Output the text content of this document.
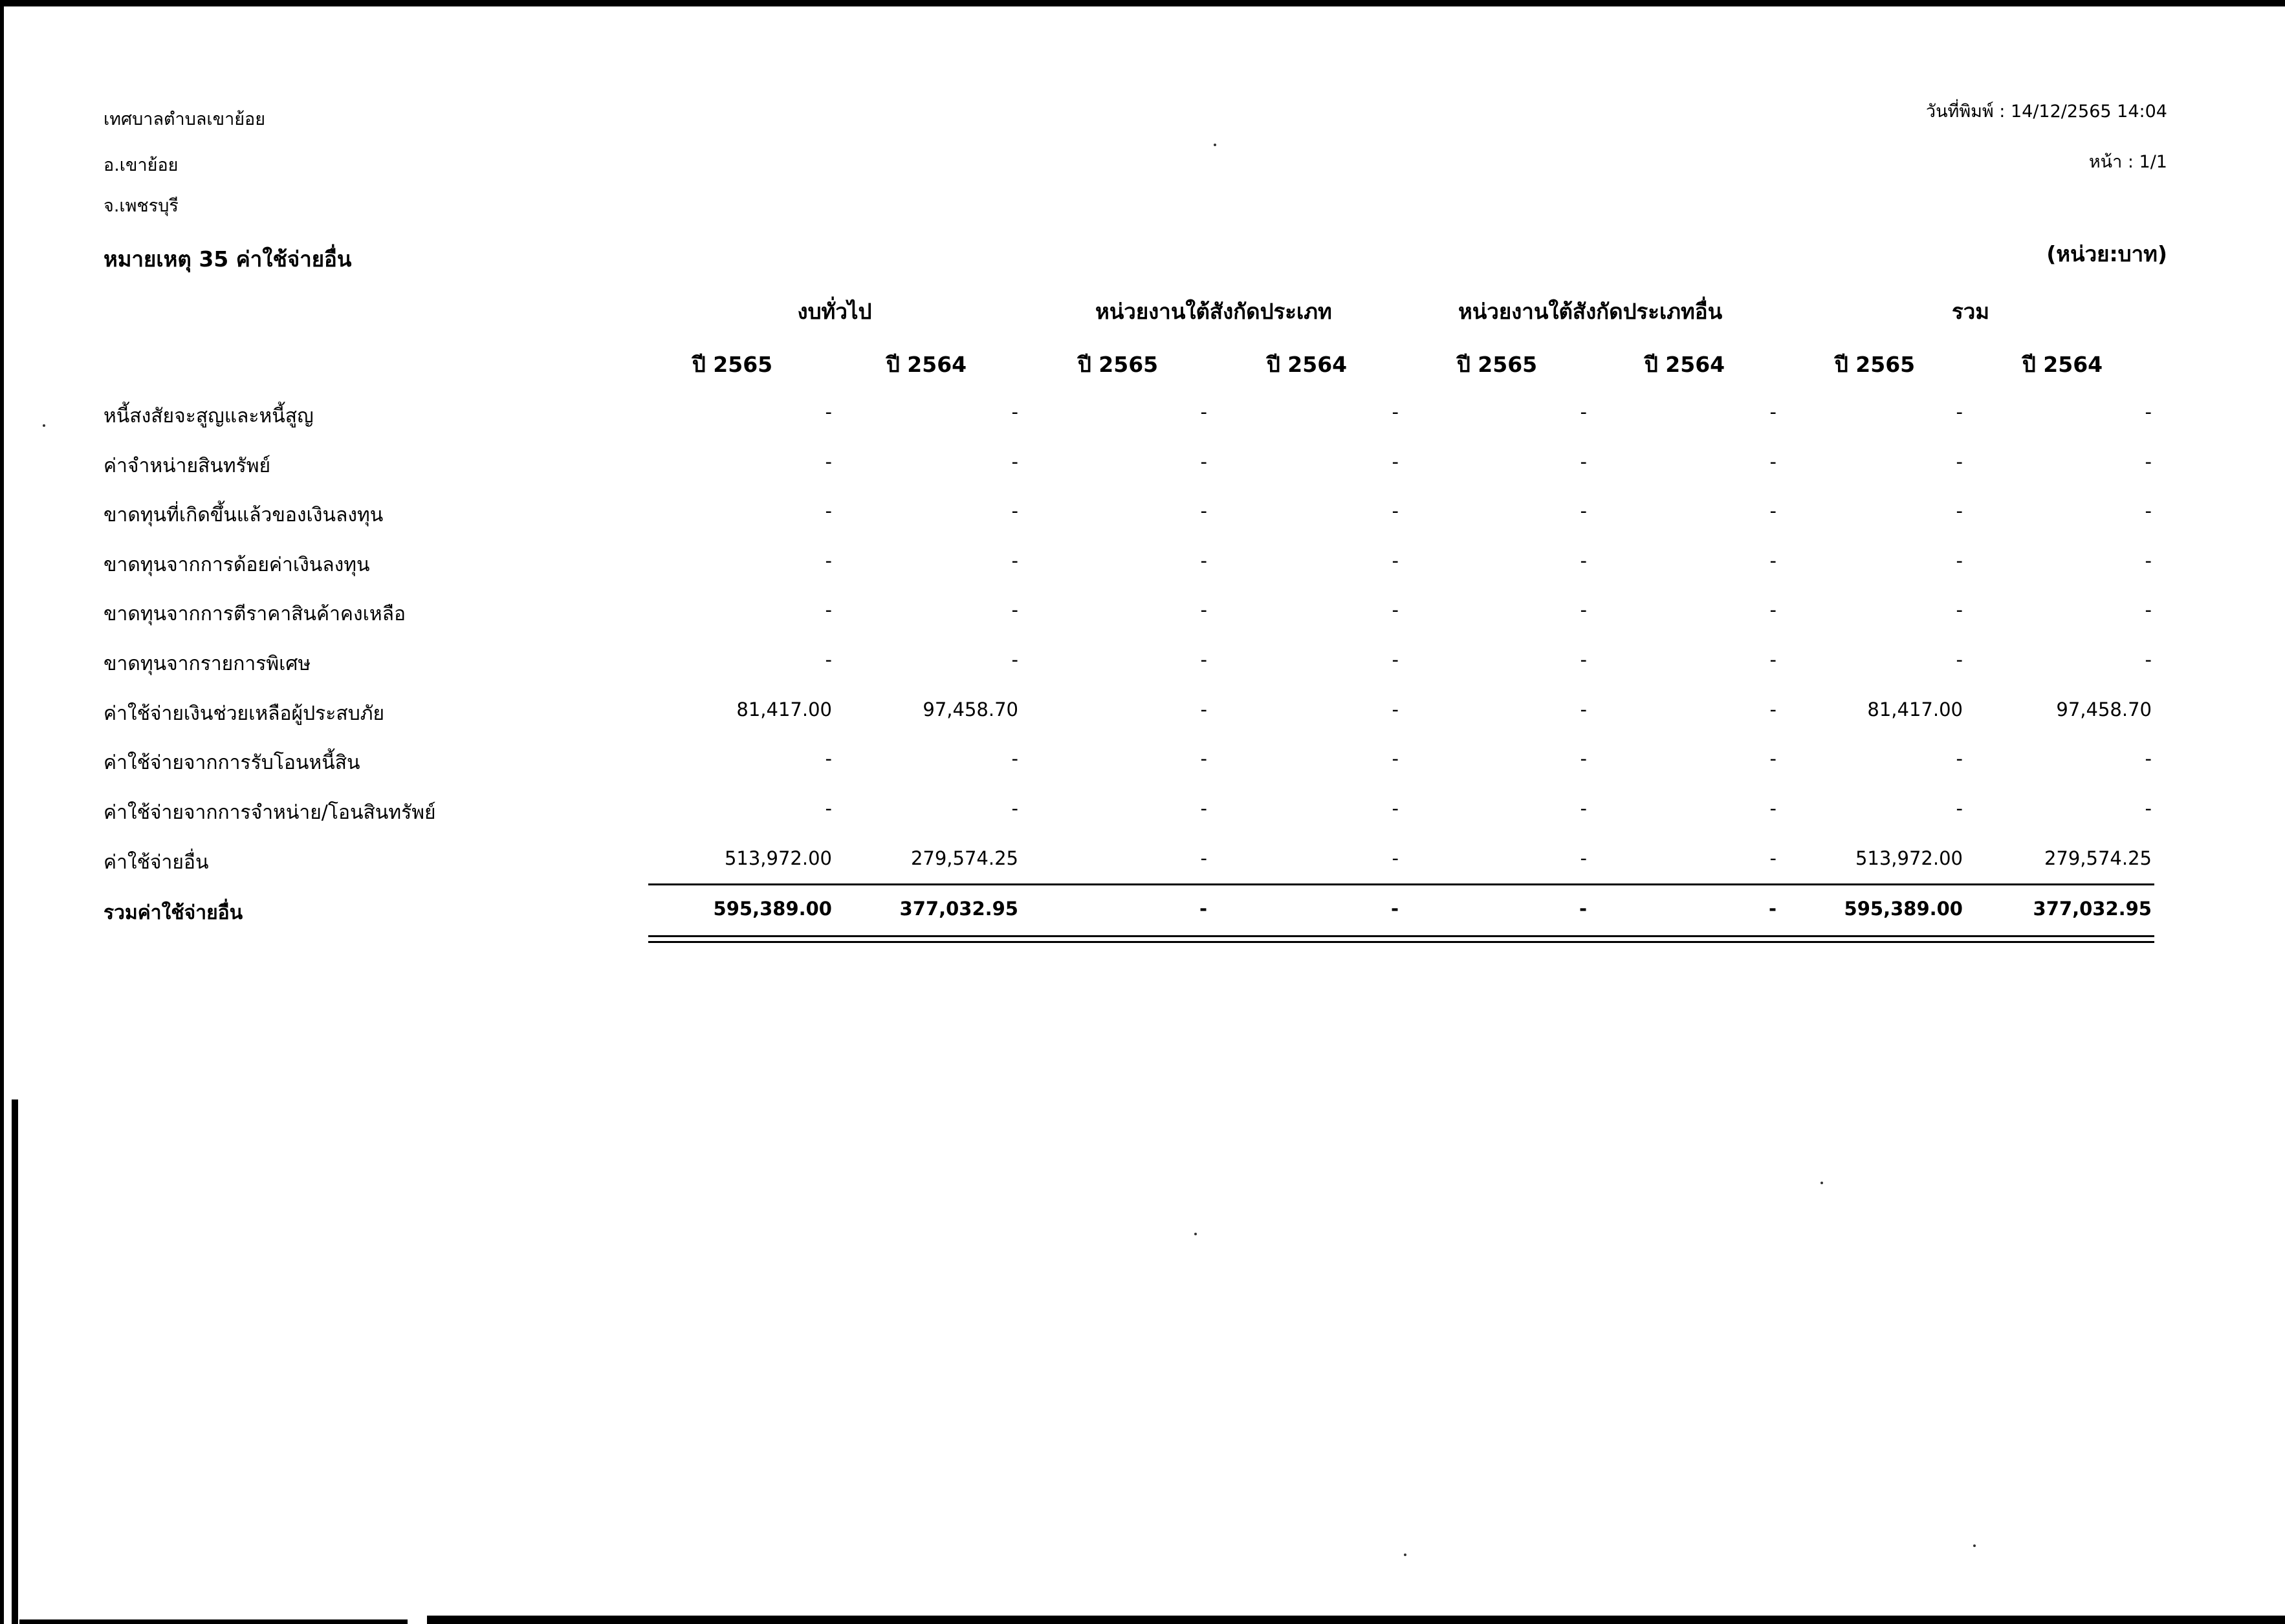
เทศบาลตำบลเขาย้อย
อ.เขาย้อย
จ.เพชรบุรี
วันที่พิมพ์ : 14/12/2565 14:04
หน้า : 1/1
หมายเหตุ 35 ค่าใช้จ่ายอื่น	(หน่วย:บาท)
งบทั่วไป	หน่วยงานใต้สังกัดประเภท	หน่วยงานใต้สังกัดประเภทอื่น	รวม
ปี 2565	ปี 2564	ปี 2565	ปี 2564	ปี 2565	ปี 2564	ปี 2565	ปี 2564
หนี้สงสัยจะสูญและหนี้สูญ	-	-	-	-	-	-	-	-
ค่าจำหน่ายสินทรัพย์	-	-	-	-	-	-	-	-
ขาดทุนที่เกิดขึ้นแล้วของเงินลงทุน	-	-	-	-	-	-	-	-
ขาดทุนจากการด้อยค่าเงินลงทุน	-	-	-	-	-	-	-	-
ขาดทุนจากการตีราคาสินค้าคงเหลือ	-	-	-	-	-	-	-	-
ขาดทุนจากรายการพิเศษ	-	-	-	-	-	-	-	-
ค่าใช้จ่ายเงินช่วยเหลือผู้ประสบภัย	81,417.00	97,458.70	-	-	-	-	81,417.00	97,458.70
ค่าใช้จ่ายจากการรับโอนหนี้สิน	-	-	-	-	-	-	-	-
ค่าใช้จ่ายจากการจำหน่าย/โอนสินทรัพย์	-	-	-	-	-	-	-	-
ค่าใช้จ่ายอื่น	513,972.00	279,574.25	-	-	-	-	513,972.00	279,574.25
รวมค่าใช้จ่ายอื่น	595,389.00	377,032.95	-	-	-	-	595,389.00	377,032.95
